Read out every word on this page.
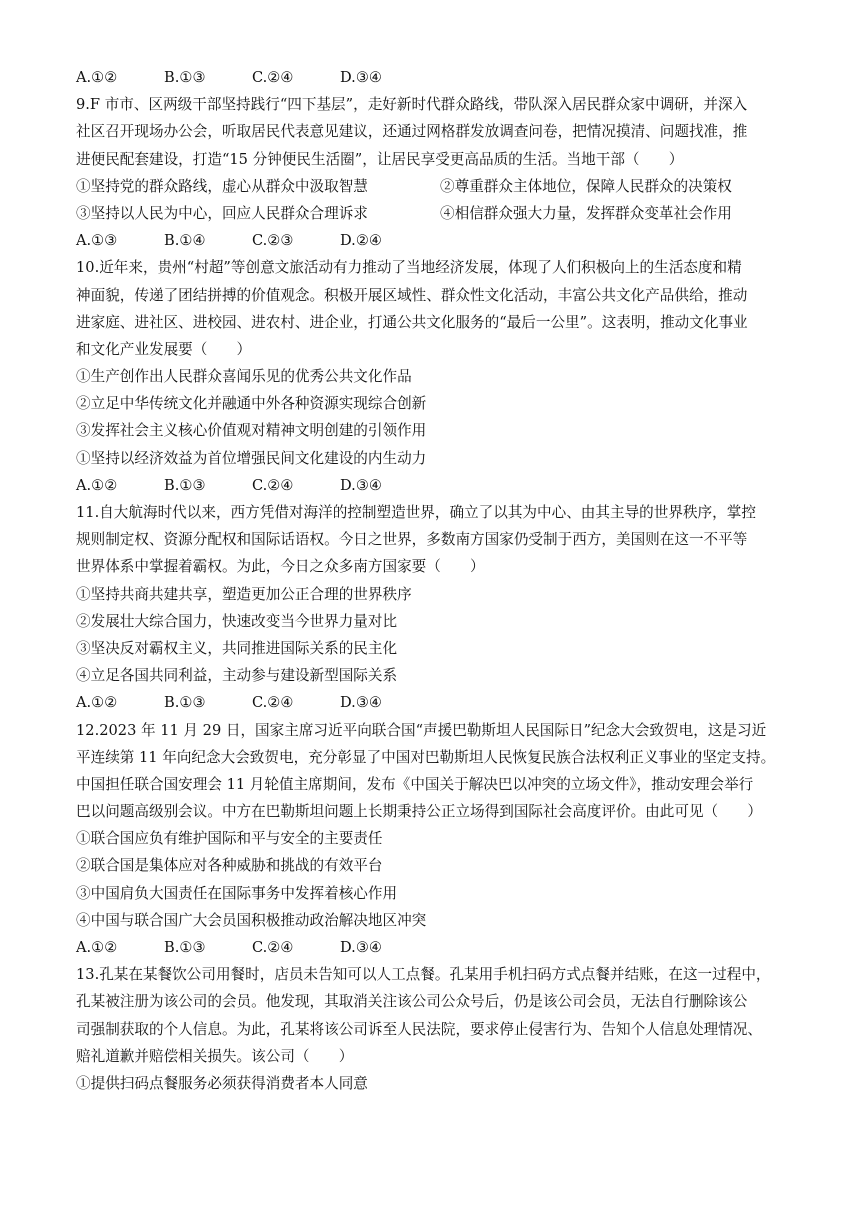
A.①②	B.①③	C.②④	D.③④
9.F 市市、区两级干部坚持践行“四下基层”，走好新时代群众路线，带队深入居民群众家中调研，并深入
社区召开现场办公会，听取居民代表意见建议，还通过网格群发放调查问卷，把情况摸清、问题找准，推
进便民配套建设，打造“15 分钟便民生活圈”，让居民享受更高品质的生活。当地干部（　　）
①坚持党的群众路线，虚心从群众中汲取智慧	②尊重群众主体地位，保障人民群众的决策权
③坚持以人民为中心，回应人民群众合理诉求	④相信群众强大力量，发挥群众变革社会作用
A.①③	B.①④	C.②③	D.②④
10.近年来，贵州“村超”等创意文旅活动有力推动了当地经济发展，体现了人们积极向上的生活态度和精
神面貌，传递了团结拼搏的价值观念。积极开展区域性、群众性文化活动，丰富公共文化产品供给，推动
进家庭、进社区、进校园、进农村、进企业，打通公共文化服务的“最后一公里”。这表明，推动文化事业
和文化产业发展要（　　）
①生产创作出人民群众喜闻乐见的优秀公共文化作品
②立足中华传统文化并融通中外各种资源实现综合创新
③发挥社会主义核心价值观对精神文明创建的引领作用
①坚持以经济效益为首位增强民间文化建设的内生动力
A.①②	B.①③	C.②④	D.③④
11.自大航海时代以来，西方凭借对海洋的控制塑造世界，确立了以其为中心、由其主导的世界秩序，掌控
规则制定权、资源分配权和国际话语权。今日之世界，多数南方国家仍受制于西方，美国则在这一不平等
世界体系中掌握着霸权。为此，今日之众多南方国家要（　　）
①坚持共商共建共享，塑造更加公正合理的世界秩序
②发展壮大综合国力，快速改变当今世界力量对比
③坚决反对霸权主义，共同推进国际关系的民主化
④立足各国共同利益，主动参与建设新型国际关系
A.①②	B.①③	C.②④	D.③④
12.2023 年 11 月 29 日，国家主席习近平向联合国“声援巴勒斯坦人民国际日”纪念大会致贺电，这是习近
平连续第 11 年向纪念大会致贺电，充分彰显了中国对巴勒斯坦人民恢复民族合法权利正义事业的坚定支持。
中国担任联合国安理会 11 月轮值主席期间，发布《中国关于解决巴以冲突的立场文件》，推动安理会举行
巴以问题高级别会议。中方在巴勒斯坦问题上长期秉持公正立场得到国际社会高度评价。由此可见（　　）
①联合国应负有维护国际和平与安全的主要责任
②联合国是集体应对各种威胁和挑战的有效平台
③中国肩负大国责任在国际事务中发挥着核心作用
④中国与联合国广大会员国积极推动政治解决地区冲突
A.①②	B.①③	C.②④	D.③④
13.孔某在某餐饮公司用餐时，店员未告知可以人工点餐。孔某用手机扫码方式点餐并结账，在这一过程中，
孔某被注册为该公司的会员。他发现，其取消关注该公司公众号后，仍是该公司会员，无法自行删除该公
司强制获取的个人信息。为此，孔某将该公司诉至人民法院，要求停止侵害行为、告知个人信息处理情况、
赔礼道歉并赔偿相关损失。该公司（　　）
①提供扫码点餐服务必须获得消费者本人同意
